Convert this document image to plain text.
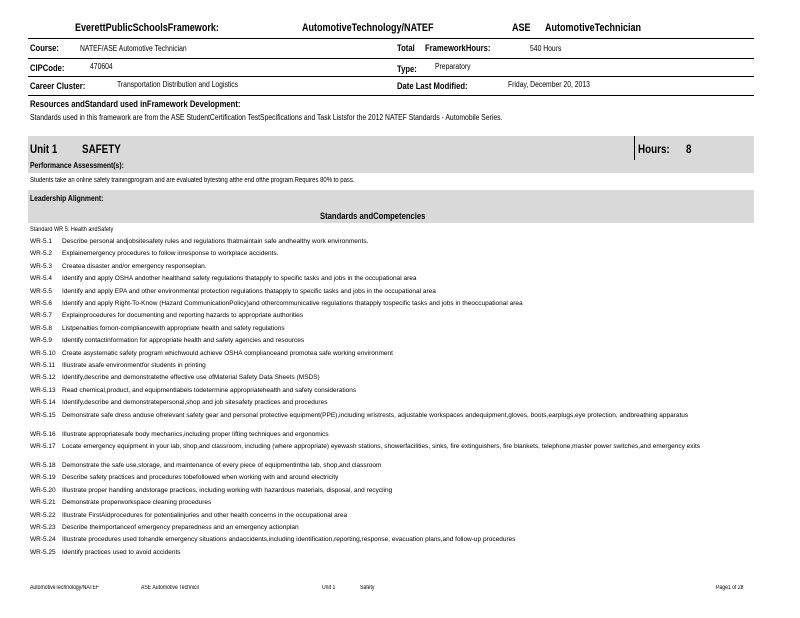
EverettPublicSchoolsFramework:	AutomotiveTechnology/NATEF	ASE AutomotiveTechnician
Course:	NATEF/ASE Automotive Technician	Total FrameworkHours:	540 Hours
CIPCode:	470604	Type: Preparatory
Career Cluster:	Transportation Distribution and Logistics	Date Last Modified:	Friday, December 20, 2013
Resources andStandard used inFramework Development:
Standards used in this framework are from the ASE StudentCertification TestSpecifications and Task Listsfor the 2012 NATEF Standards - Automobile Series.
Unit 1 SAFETY	Hours: 8
Performance Assessment(s):
Students take an online safety trainingprogram and are evaluated bytesting atthe end ofthe program.Requires 80% to pass.
Leadership Alignment:
Standards andCompetencies
Standard WR 5: Health andSafety
WR-5.1 Describe personal andjobsitesafety rules and regulations thatmaintain safe andhealthy work environments.
WR-5.2 Explainemergency procedures to follow inresponse to workplace accidents.
WR-5.3 Createa disaster and/or emergency responseplan.
WR-5.4 Identify and apply OSHA andother healthand safety regulations thatapply to specific tasks and jobs in the occupational area
WR-5.5 Identify and apply EPA and other environmental protection regulations thatapply to specific tasks and jobs in the occupational area
WR-5.6 Identify and apply Right-To-Know (Hazard CommunicationPolicy)and othercommunicative regulations thatapply tospecific tasks and jobs in theoccupational area
WR-5.7 Explainprocedures for documenting and reporting hazards to appropriate authorities
WR-5.8 Listpenalties fornon-compliancewith appropriate health and safety regulations
WR-5.9 Identify contactinformation for appropriate health and safety agencies and resources
WR-5.10 Create asystematic safety program whichwould achieve OSHA complianceand promotea safe working environment
WR-5.11 Illustrate asafe environmentfor students in printing
WR-5.12 Identify,describe and demonstratethe effective use ofMaterial Safety Data Sheets (MSDS)
WR-5.13 Read chemical,product, and equipmentlabels todetermine appropriatehealth and safety considerations
WR-5.14 Identify,describe and demonstratepersonal,shop and job sitesafety practices and procedures
WR-5.15 Demonstrate safe dress anduse ofrelevant safety gear and personal protective equipment(PPE),including wristrests, adjustable workspaces andequipment,gloves, boots,earplugs,eye protection, andbreathing apparatus
WR-5.16 Illustrate appropriatesafe body mechanics,including proper lifting techniques and ergonomics
WR-5.17 Locate emergency equipment in your lab, shop,and classroom, including (where appropriate) eyewash stations, showerfacilities, sinks, fire extinguishers, fire blankets, telephone,master power switches,and emergency exits
WR-5.18 Demonstrate the safe use,storage, and maintenance of every piece of equipmentinthe lab, shop,and classroom
WR-5.19 Describe safety practices and procedures tobefollowed when working with and around electricity
WR-5.20 Illustrate proper handling andstorage practices, including working with hazardous materials, disposal, and recycling
WR-5.21 Demonstrate properworkspace cleaning procedures
WR-5.22 Illustrate FirstAidprocedures for potentialinjuries and other health concerns in the occupational area
WR-5.23 Describe theimportanceof emergency preparedness and an emergency actionplan
WR-5.24 Illustrate procedures used tohandle emergency situations andaccidents,including identification,reporting,response, evacuation plans,and follow-up procedures
WR-5.25 Identify practices used to avoid accidents
AutomotiveTechnology/NATEF	ASE Automotive Technicil	Unit 1	Safety	Page1 of 28
